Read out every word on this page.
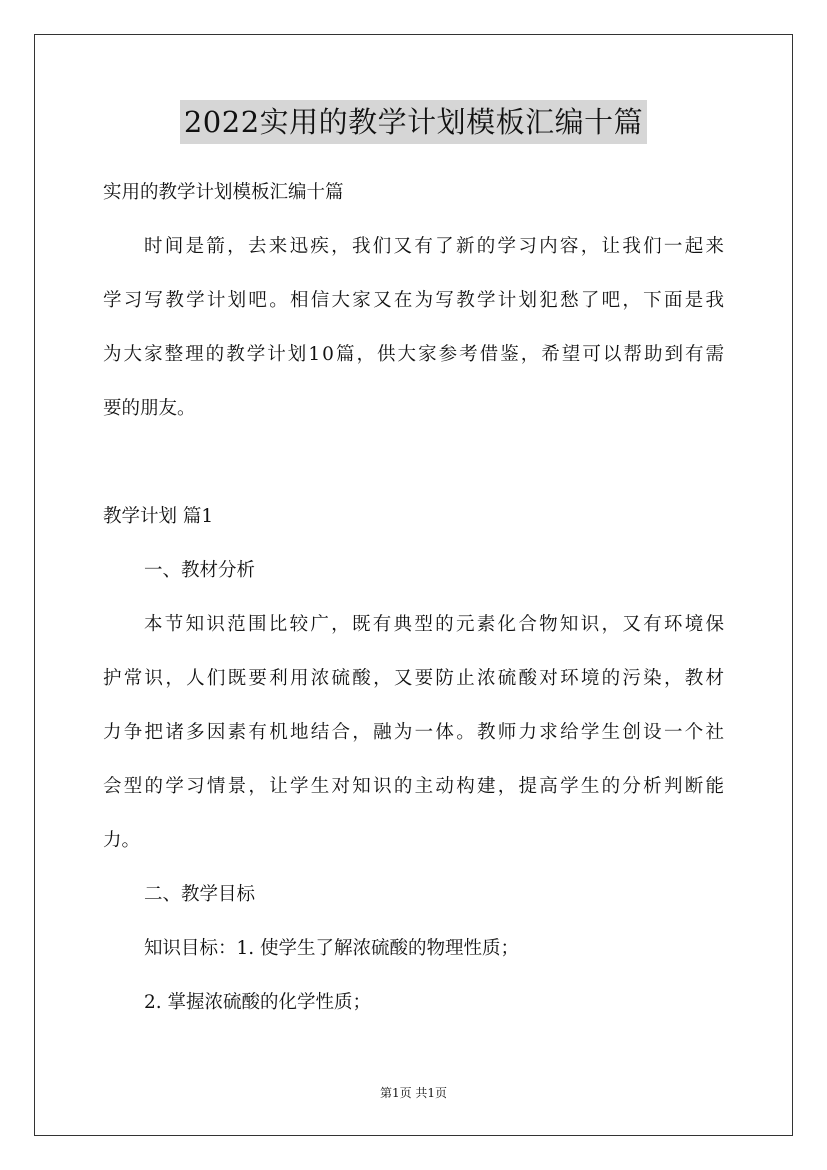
2022实用的教学计划模板汇编十篇
实用的教学计划模板汇编十篇
时间是箭，去来迅疾，我们又有了新的学习内容，让我们一起来
学习写教学计划吧。相信大家又在为写教学计划犯愁了吧，下面是我
为大家整理的教学计划10篇，供大家参考借鉴，希望可以帮助到有需
要的朋友。
教学计划 篇1
一、教材分析
本节知识范围比较广，既有典型的元素化合物知识，又有环境保
护常识，人们既要利用浓硫酸，又要防止浓硫酸对环境的污染，教材
力争把诸多因素有机地结合，融为一体。教师力求给学生创设一个社
会型的学习情景，让学生对知识的主动构建，提高学生的分析判断能
力。
二、教学目标
知识目标：1. 使学生了解浓硫酸的物理性质；
2. 掌握浓硫酸的化学性质；
第1页 共1页
